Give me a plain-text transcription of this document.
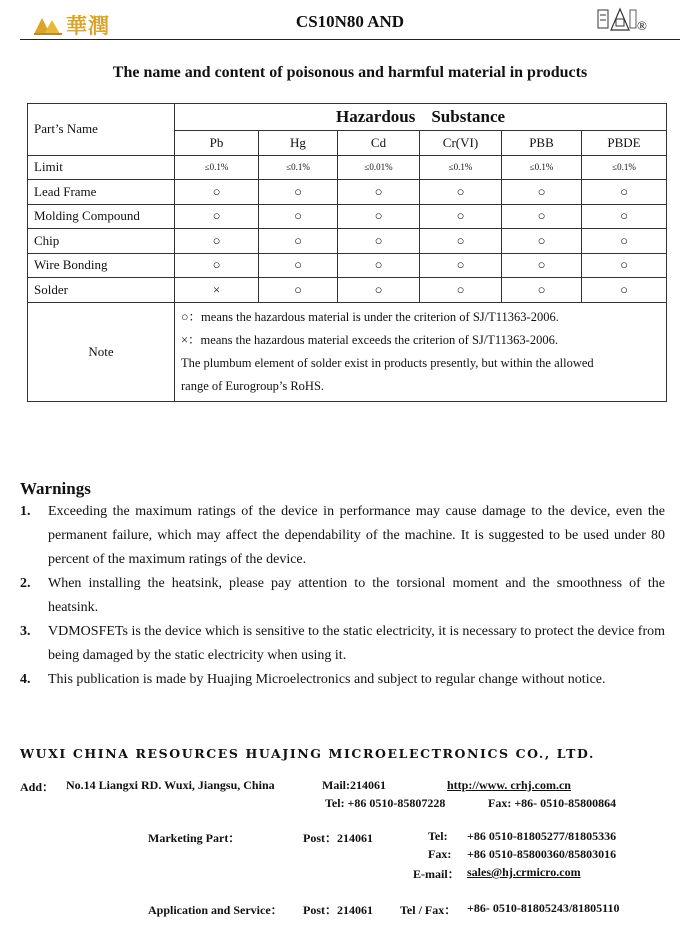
華潤	CS10N80 AND	®
The name and content of poisonous and harmful material in products
Part’s Name	Hazardous Substance					
	Pb	Hg	Cd	Cr(VI)	PBB	PBDE
Limit	≤0.1%	≤0.1%	≤0.01%	≤0.1%	≤0.1%	≤0.1%
Lead Frame	○	○	○	○	○	○
Molding Compound	○	○	○	○	○	○
Chip	○	○	○	○	○	○
Wire Bonding	○	○	○	○	○	○
Solder	×	○	○	○	○	○
Note	○：means the hazardous material is under the criterion of SJ/T11363-2006.
×：means the hazardous material exceeds the criterion of SJ/T11363-2006.
The plumbum element of solder exist in products presently, but within the allowed
range of Eurogroup’s RoHS.					
Warnings
1.	Exceeding the maximum ratings of the device in performance may cause damage to the device, even the permanent failure, which may affect the dependability of the machine. It is suggested to be used under 80 percent of the maximum ratings of the device.
2.	When installing the heatsink, please pay attention to the torsional moment and the smoothness of the heatsink.
3.	VDMOSFETs is the device which is sensitive to the static electricity, it is necessary to protect the device from being damaged by the static electricity when using it.
4.	This publication is made by Huajing Microelectronics and subject to regular change without notice.
WUXI CHINA RESOURCES HUAJING MICROELECTRONICS CO., LTD.
Add： No.14 Liangxi RD. Wuxi, Jiangsu, China	Mail:214061	http://www. crhj.com.cn
Tel: +86 0510-85807228	Fax: +86- 0510-85800864
Marketing Part：	Post：214061	Tel: +86 0510-81805277/81805336
Fax: +86 0510-85800360/85803016
E-mail： sales@hj.crmicro.com
Application and Service： Post：214061 Tel / Fax： +86- 0510-81805243/81805110
